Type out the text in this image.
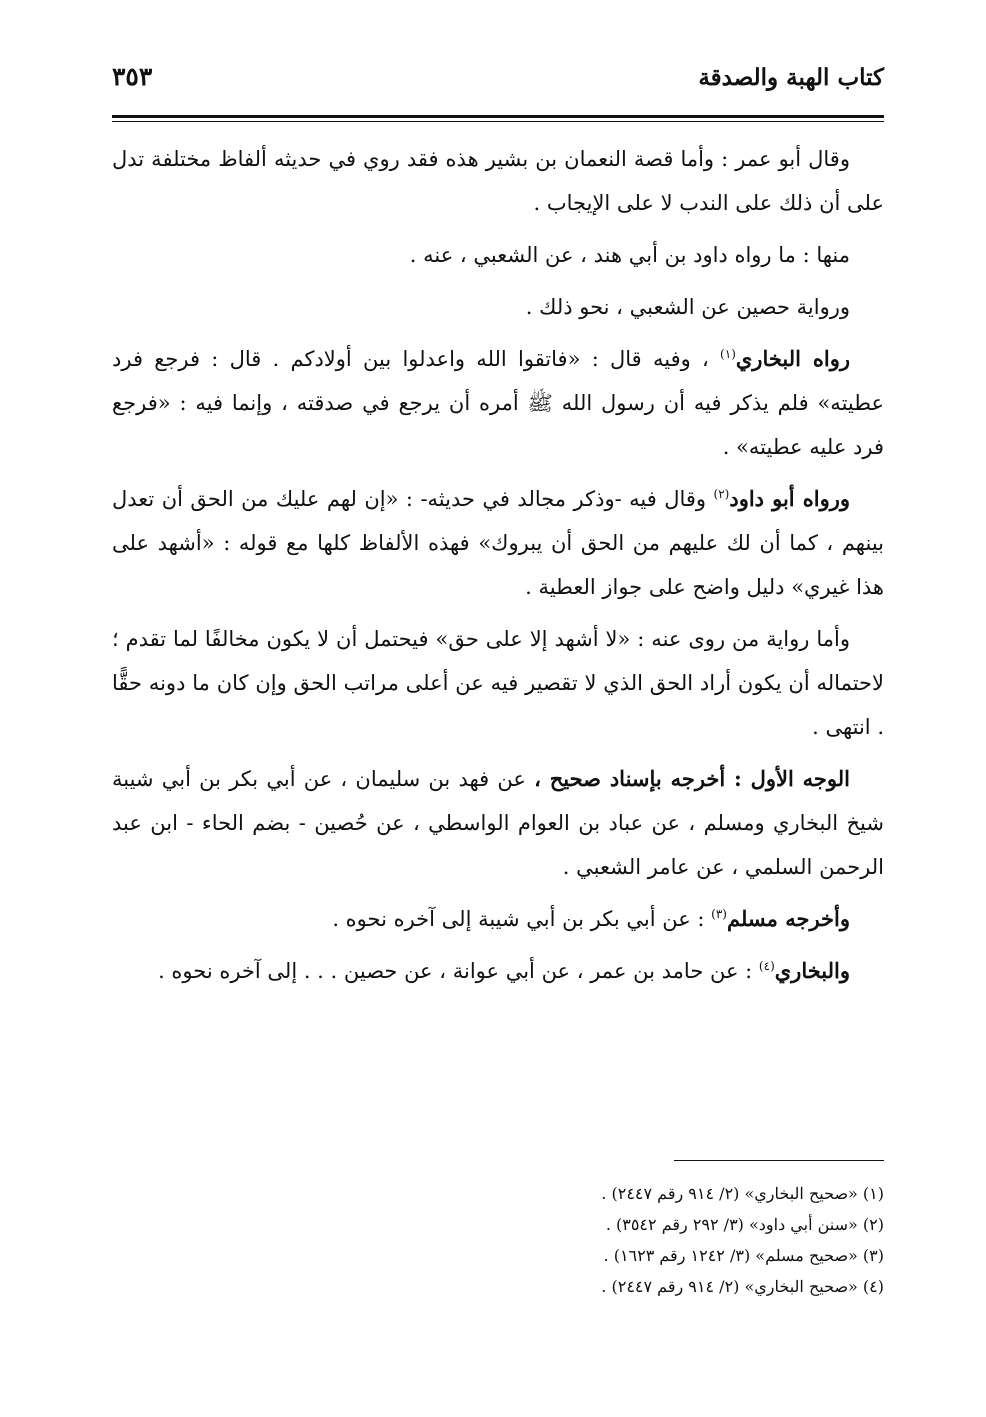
كتاب الهبة والصدقة
٣٥٣

وقال أبو عمر : وأما قصة النعمان بن بشير هذه فقد روي في حديثه ألفاظ مختلفة تدل على أن ذلك على الندب لا على الإيجاب .

منها : ما رواه داود بن أبي هند ، عن الشعبي ، عنه .

ورواية حصين عن الشعبي ، نحو ذلك .

رواه البخاري$^{(١)}$ ، وفيه قال : «فاتقوا الله واعدلوا بين أولادكم . قال : فرجع فرد عطيته» فلم يذكر فيه أن رسول الله ﷺ أمره أن يرجع في صدقته ، وإنما فيه : «فرجع فرد عليه عطيته» .

ورواه أبو داود$^{(٢)}$ وقال فيه -وذكر مجالد في حديثه- : «إن لهم عليك من الحق أن تعدل بينهم ، كما أن لك عليهم من الحق أن يبروك» فهذه الألفاظ كلها مع قوله : «أشهد على هذا غيري» دليل واضح على جواز العطية .

وأما رواية من روى عنه : «لا أشهد إلا على حق» فيحتمل أن لا يكون مخالفًا لما تقدم ؛ لاحتماله أن يكون أراد الحق الذي لا تقصير فيه عن أعلى مراتب الحق وإن كان ما دونه حقًّا . انتهى .

الوجه الأول : أخرجه بإسناد صحيح ، عن فهد بن سليمان ، عن أبي بكر بن أبي شيبة شيخ البخاري ومسلم ، عن عباد بن العوام الواسطي ، عن حُصين - بضم الحاء - ابن عبد الرحمن السلمي ، عن عامر الشعبي .

وأخرجه مسلم$^{(٣)}$ : عن أبي بكر بن أبي شيبة إلى آخره نحوه .

والبخاري$^{(٤)}$ : عن حامد بن عمر ، عن أبي عوانة ، عن حصين . . . إلى آخره نحوه .

(١) «صحيح البخاري» (٢/ ٩١٤ رقم ٢٤٤٧) .
(٢) «سنن أبي داود» (٣/ ٢٩٢ رقم ٣٥٤٢) .
(٣) «صحيح مسلم» (٣/ ١٢٤٢ رقم ١٦٢٣) .
(٤) «صحيح البخاري» (٢/ ٩١٤ رقم ٢٤٤٧) .
